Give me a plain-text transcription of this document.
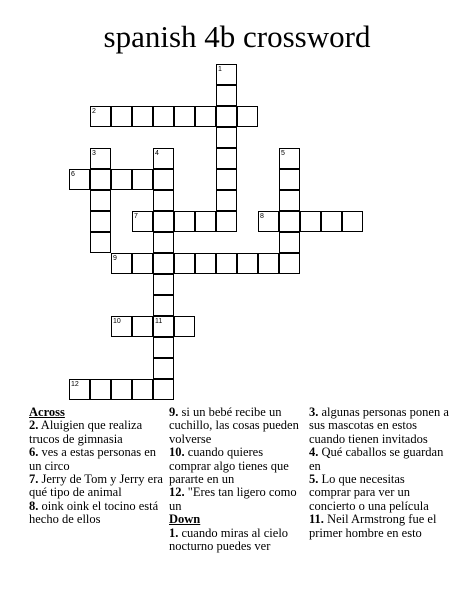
spanish 4b crossword
1
2
3	4	5
6
7	8
9
10	11
12

Across

2. Aluigien que realiza trucos de gimnasia

6. ves a estas personas en un circo

7. Jerry de Tom y Jerry era qué tipo de animal

8. oink oink el tocino está hecho de ellos

9. si un bebé recibe un cuchillo, las cosas pueden volverse

10. cuando quieres comprar algo tienes que pararte en un

12. "Eres tan ligero como un

Down

1. cuando miras al cielo nocturno puedes ver

3. algunas personas ponen a sus mascotas en estos cuando tienen invitados

4. Qué caballos se guardan en

5. Lo que necesitas comprar para ver un concierto o una película

11. Neil Armstrong fue el primer hombre en esto
